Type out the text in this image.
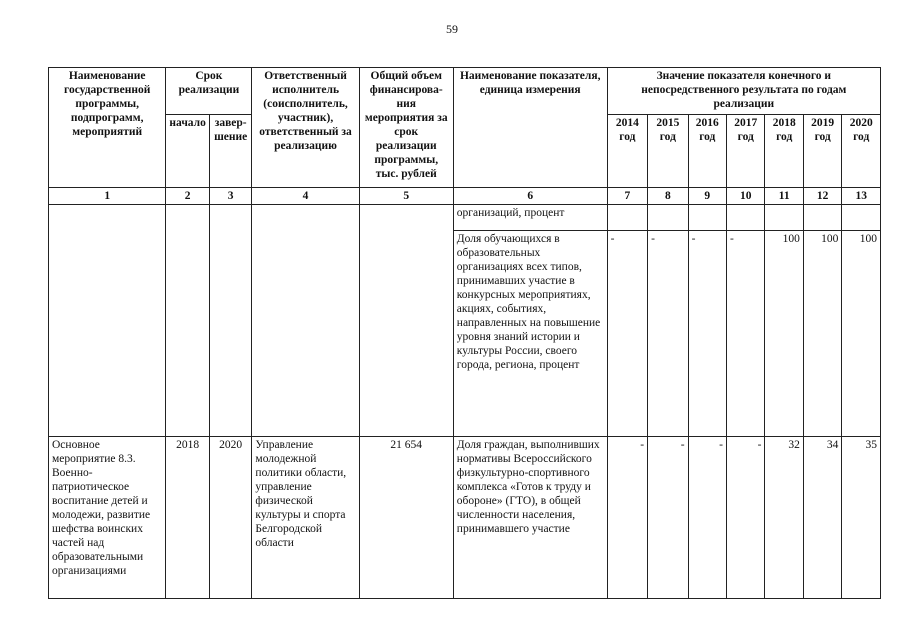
59
Наименование государственной программы, подпрограмм, мероприятий	Срок реализации		Ответственный исполнитель (соисполнитель, участник), ответственный за реализацию	Общий объем финансирова-ния мероприятия за срок реализации программы, тыс. рублей	Наименование показателя, единица измерения	Значение показателя конечного и непосредственного результата по годам реализации						
	начало	завер-шение				2014 год	2015 год	2016 год	2017 год	2018 год	2019 год	2020 год
1	2	3	4	5	6	7	8	9	10	11	12	13
					организаций, процент							
					Доля обучающихся в образовательных организациях всех типов, принимавших участие в конкурсных мероприятиях, акциях, событиях, направленных на повышение уровня знаний истории и культуры России, своего города, региона, процент	-	-	-	-	100	100	100
Основное мероприятие 8.3. Военно-патриотическое воспитание детей и молодежи, развитие шефства воинских частей над образовательными организациями	2018	2020	Управление молодежной политики области, управление физической культуры и спорта Белгородской области	21 654	Доля граждан, выполнивших нормативы Всероссийского физкультурно-спортивного комплекса «Готов к труду и обороне» (ГТО), в общей численности населения, принимавшего участие	-	-	-	-	32	34	35
